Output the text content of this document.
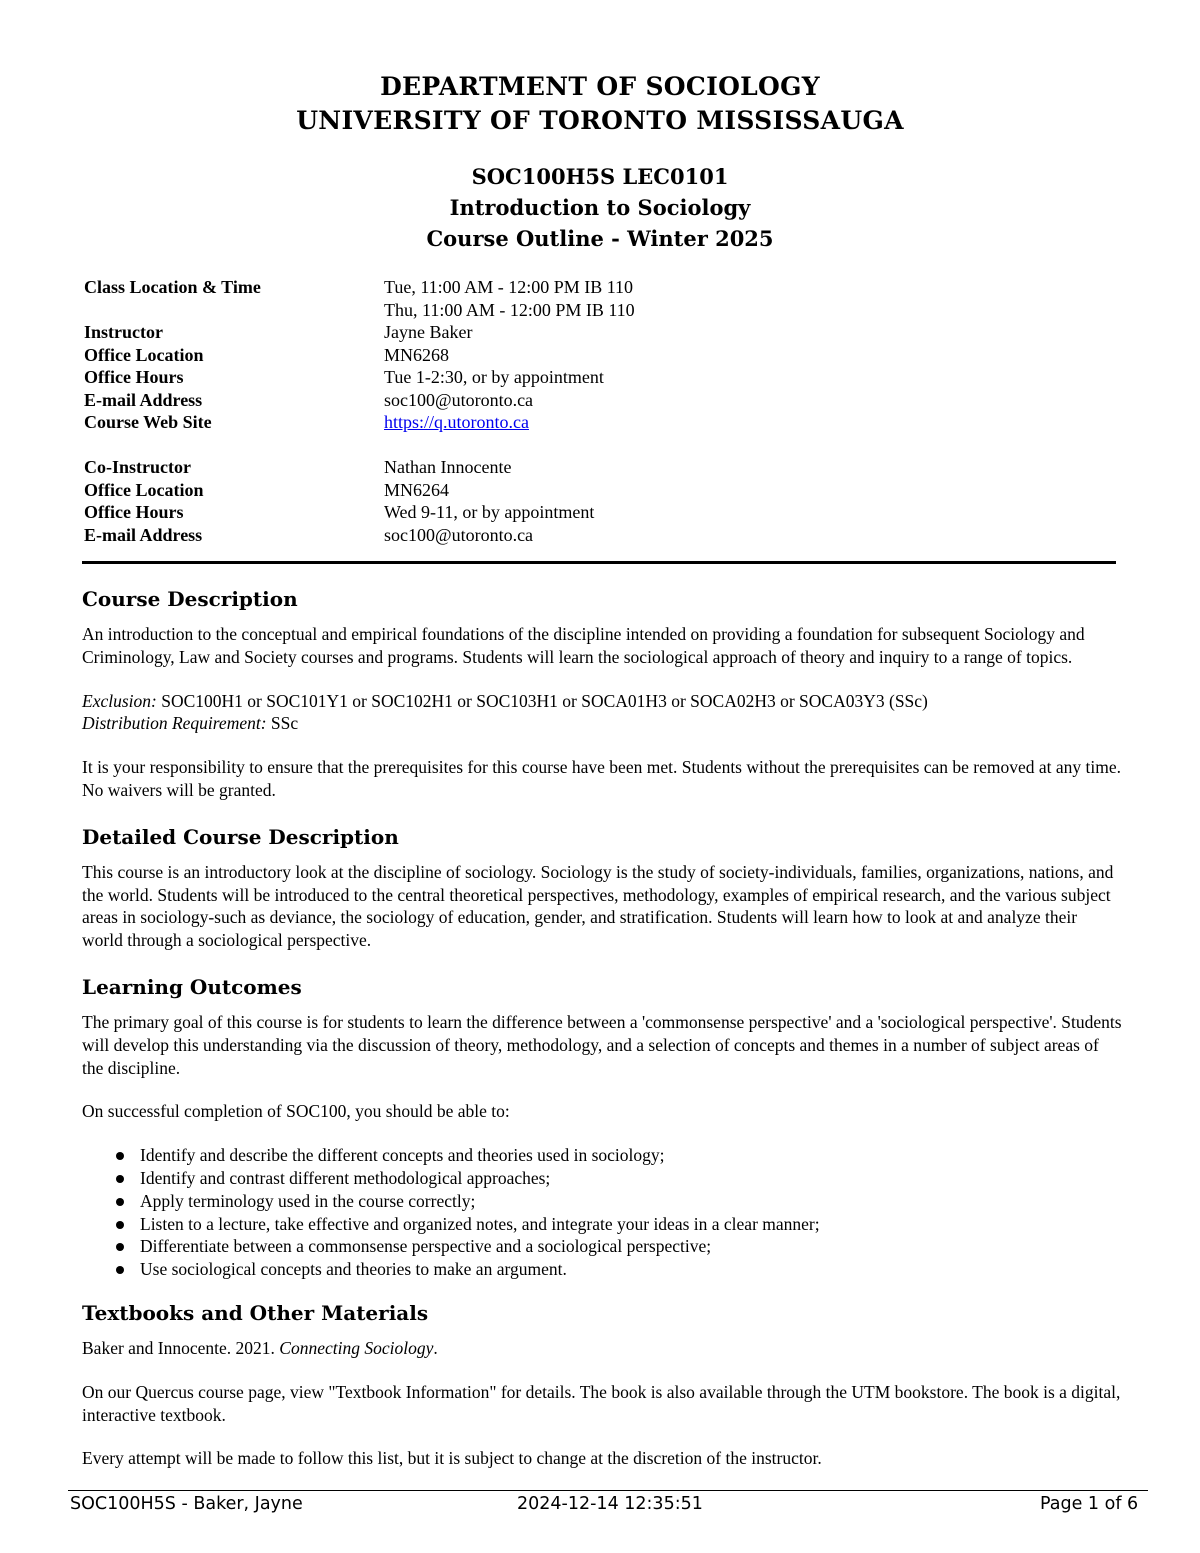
DEPARTMENT OF SOCIOLOGY
UNIVERSITY OF TORONTO MISSISSAUGA
SOC100H5S LEC0101
Introduction to Sociology
Course Outline - Winter 2025
Class Location & Time	Tue, 11:00 AM - 12:00 PM IB 110
Thu, 11:00 AM - 12:00 PM IB 110
Instructor	Jayne Baker
Office Location	MN6268
Office Hours	Tue 1-2:30, or by appointment
E-mail Address	soc100@utoronto.ca
Course Web Site	https://q.utoronto.ca
Co-Instructor	Nathan Innocente
Office Location	MN6264
Office Hours	Wed 9-11, or by appointment
E-mail Address	soc100@utoronto.ca
Course Description

An introduction to the conceptual and empirical foundations of the discipline intended on providing a foundation for subsequent Sociology and Criminology, Law and Society courses and programs. Students will learn the sociological approach of theory and inquiry to a range of topics.

Exclusion: SOC100H1 or SOC101Y1 or SOC102H1 or SOC103H1 or SOCA01H3 or SOCA02H3 or SOCA03Y3 (SSc)
Distribution Requirement: SSc

It is your responsibility to ensure that the prerequisites for this course have been met. Students without the prerequisites can be removed at any time. No waivers will be granted.

Detailed Course Description

This course is an introductory look at the discipline of sociology. Sociology is the study of society-individuals, families, organizations, nations, and the world. Students will be introduced to the central theoretical perspectives, methodology, examples of empirical research, and the various subject areas in sociology-such as deviance, the sociology of education, gender, and stratification. Students will learn how to look at and analyze their world through a sociological perspective.

Learning Outcomes

The primary goal of this course is for students to learn the difference between a 'commonsense perspective' and a 'sociological perspective'. Students will develop this understanding via the discussion of theory, methodology, and a selection of concepts and themes in a number of subject areas of the discipline.

On successful completion of SOC100, you should be able to:

Identify and describe the different concepts and theories used in sociology;
Identify and contrast different methodological approaches;
Apply terminology used in the course correctly;
Listen to a lecture, take effective and organized notes, and integrate your ideas in a clear manner;
Differentiate between a commonsense perspective and a sociological perspective;
Use sociological concepts and theories to make an argument.
Textbooks and Other Materials

Baker and Innocente. 2021. Connecting Sociology.

On our Quercus course page, view "Textbook Information" for details. The book is also available through the UTM bookstore. The book is a digital, interactive textbook.

Every attempt will be made to follow this list, but it is subject to change at the discretion of the instructor.

SOC100H5S - Baker, Jayne	2024-12-14 12:35:51	Page 1 of 6
